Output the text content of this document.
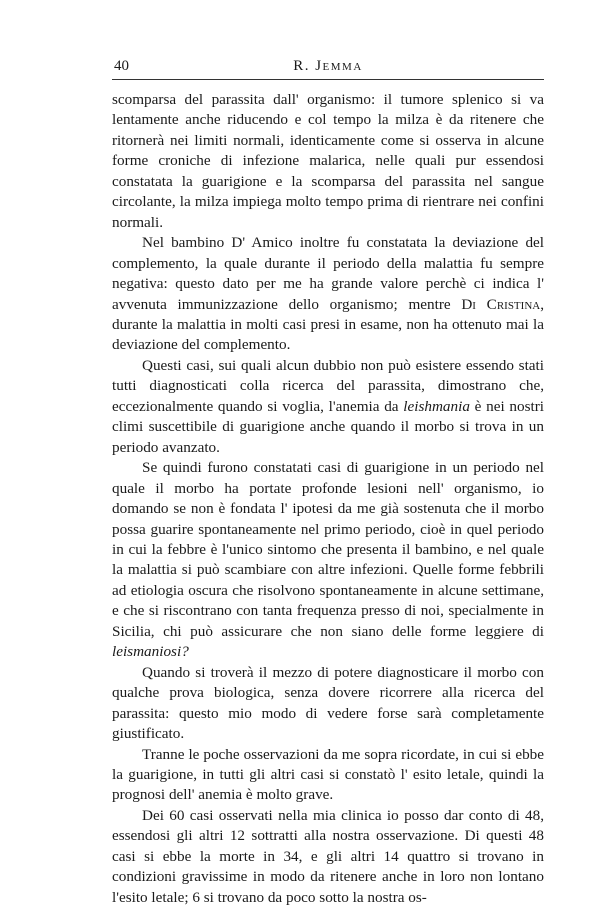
40	R. Jemma

scomparsa del parassita dall' organismo: il tumore splenico si va lentamente anche riducendo e col tempo la milza è da ritenere che ritornerà nei limiti normali, identicamente come si osserva in alcune forme croniche di infezione malarica, nelle quali pur essendosi constatata la guarigione e la scomparsa del parassita nel sangue circolante, la milza impiega molto tempo prima di rientrare nei confini normali.

Nel bambino D' Amico inoltre fu constatata la deviazione del complemento, la quale durante il periodo della malattia fu sempre negativa: questo dato per me ha grande valore perchè ci indica l' avvenuta immunizzazione dello organismo; mentre Di Cristina, durante la malattia in molti casi presi in esame, non ha ottenuto mai la deviazione del complemento.

Questi casi, sui quali alcun dubbio non può esistere essendo stati tutti diagnosticati colla ricerca del parassita, dimostrano che, eccezionalmente quando si voglia, l'anemia da leishmania è nei nostri climi suscettibile di guarigione anche quando il morbo si trova in un periodo avanzato.

Se quindi furono constatati casi di guarigione in un periodo nel quale il morbo ha portate profonde lesioni nell' organismo, io domando se non è fondata l' ipotesi da me già sostenuta che il morbo possa guarire spontaneamente nel primo periodo, cioè in quel periodo in cui la febbre è l'unico sintomo che presenta il bambino, e nel quale la malattia si può scambiare con altre infezioni. Quelle forme febbrili ad etiologia oscura che risolvono spontaneamente in alcune settimane, e che si riscontrano con tanta frequenza presso di noi, specialmente in Sicilia, chi può assicurare che non siano delle forme leggiere di leismaniosi?

Quando si troverà il mezzo di potere diagnosticare il morbo con qualche prova biologica, senza dovere ricorrere alla ricerca del parassita: questo mio modo di vedere forse sarà completamente giustificato.

Tranne le poche osservazioni da me sopra ricordate, in cui si ebbe la guarigione, in tutti gli altri casi si constatò l' esito letale, quindi la prognosi dell' anemia è molto grave.

Dei 60 casi osservati nella mia clinica io posso dar conto di 48, essendosi gli altri 12 sottratti alla nostra osservazione. Di questi 48 casi si ebbe la morte in 34, e gli altri 14 quattro si trovano in condizioni gravissime in modo da ritenere anche in loro non lontano l'esito letale; 6 si trovano da poco sotto la nostra os-
